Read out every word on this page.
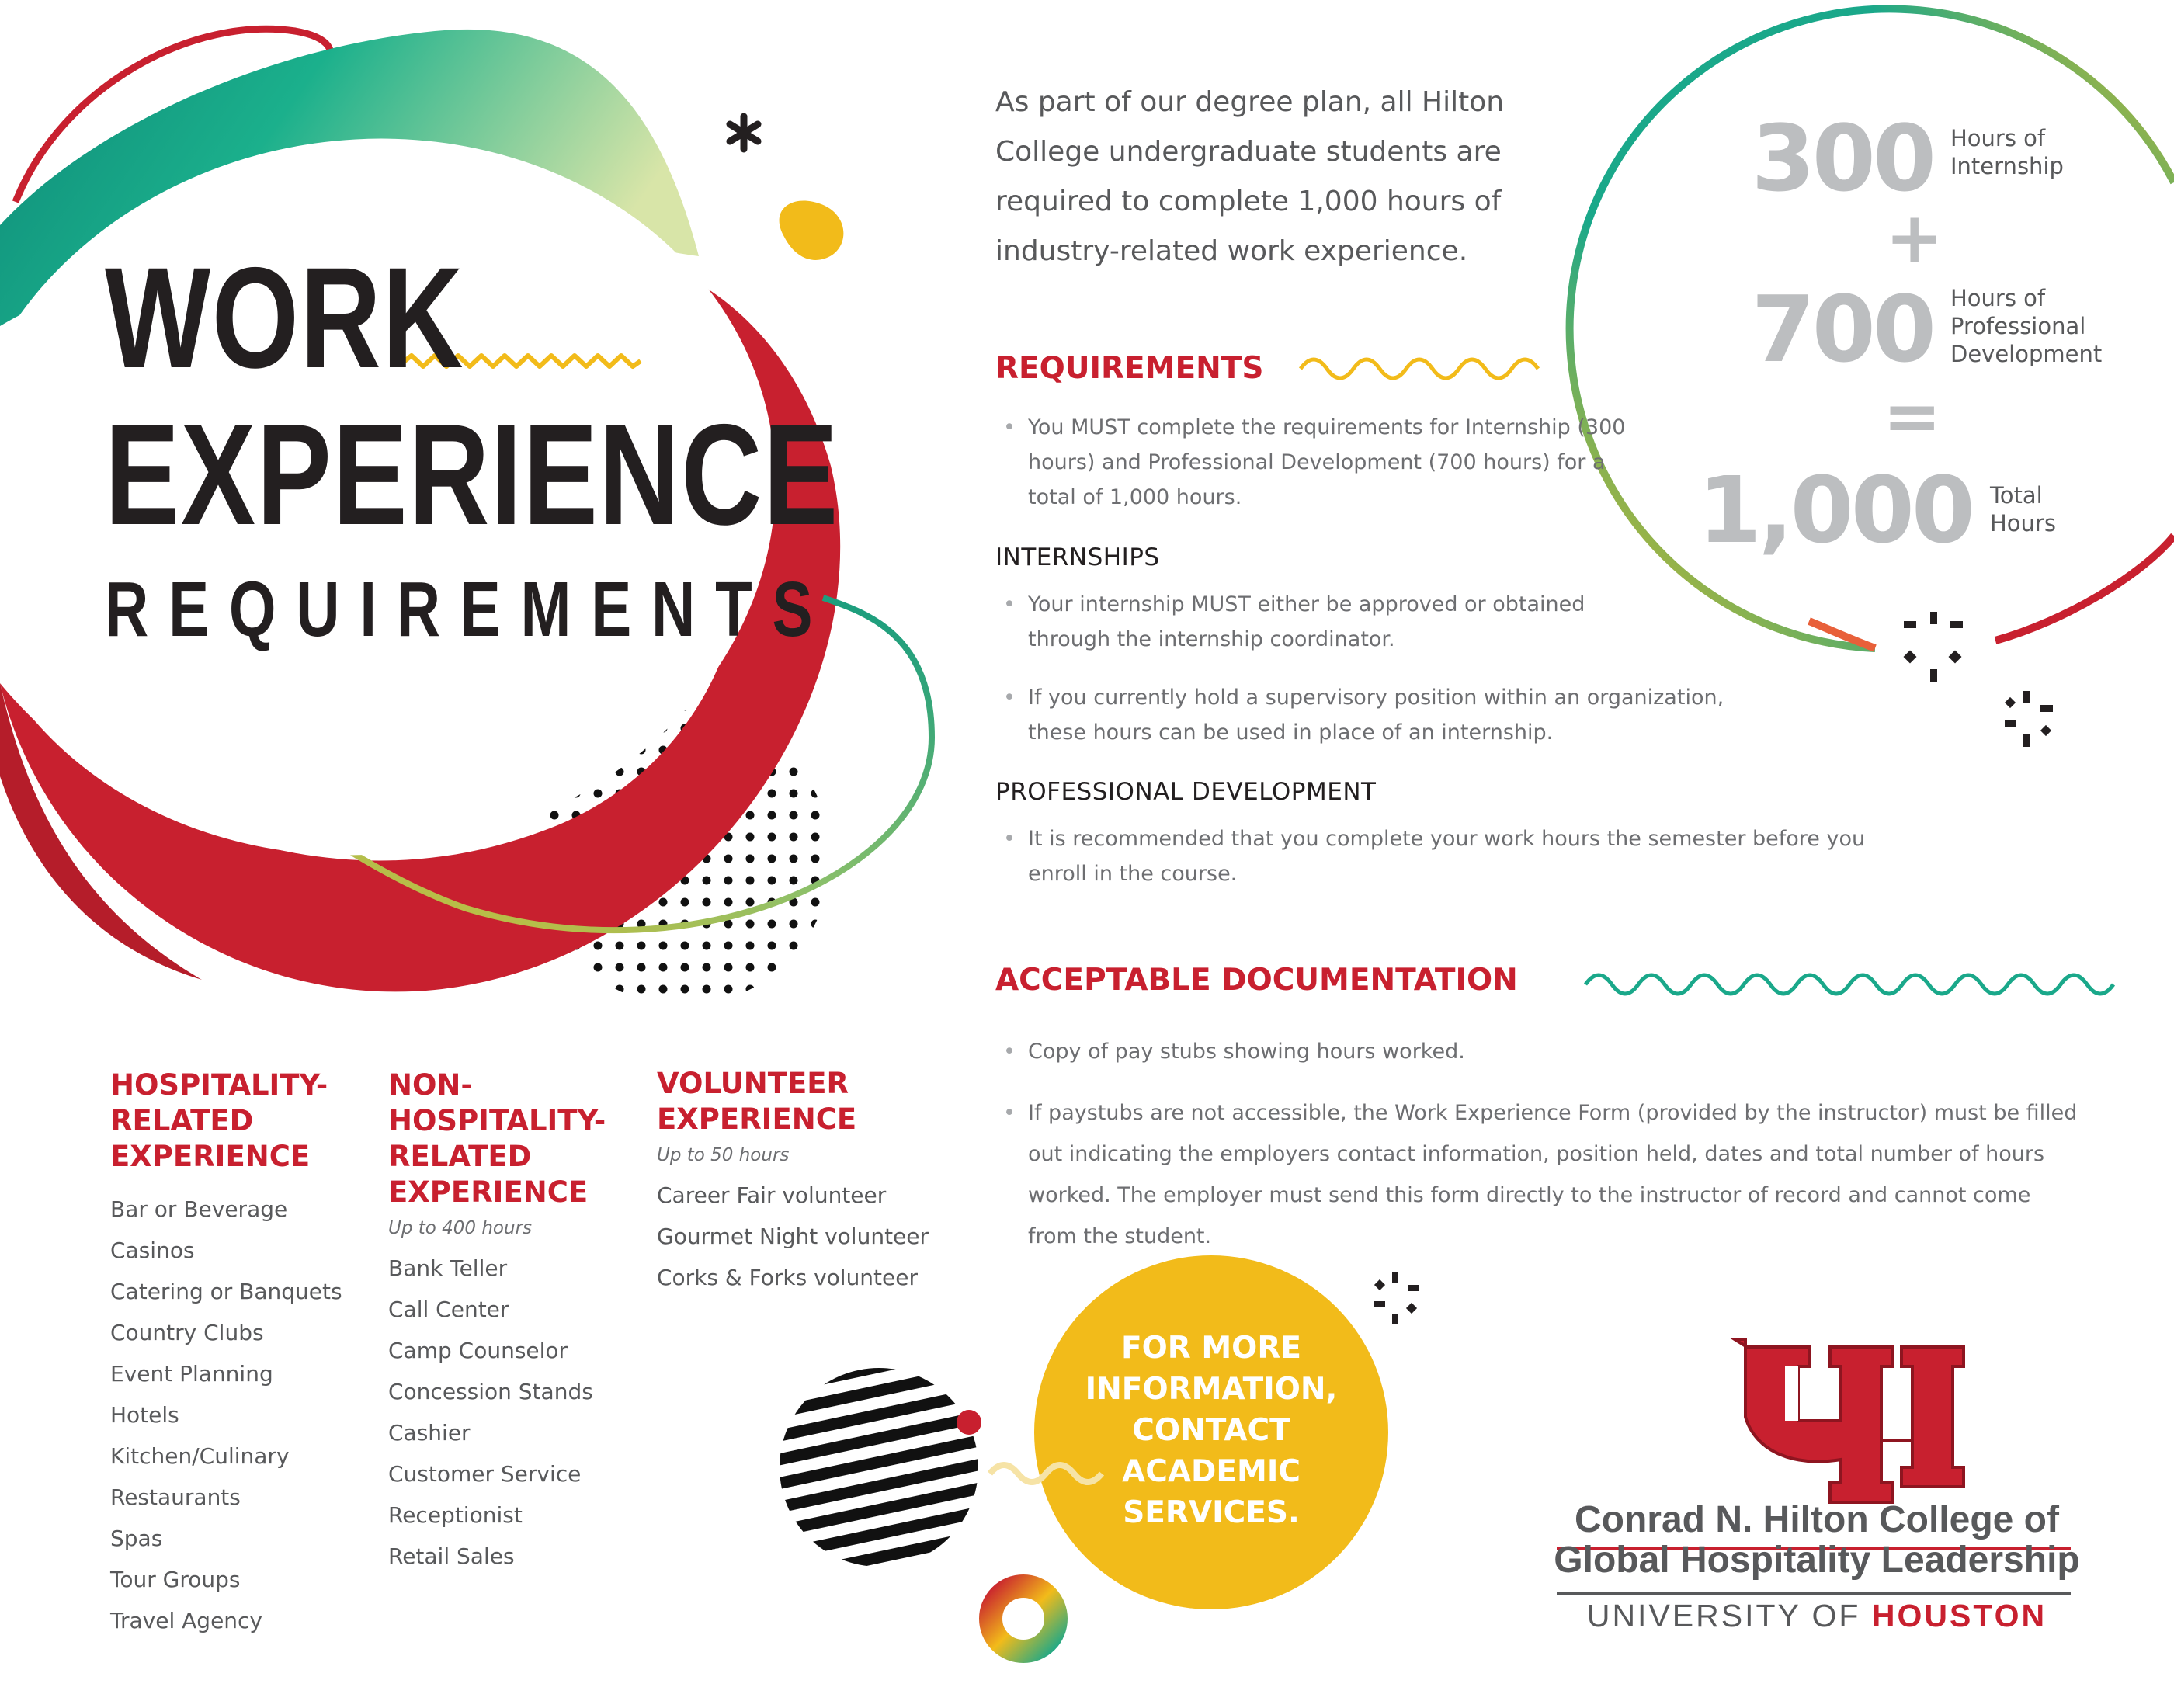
WORK
EXPERIENCE
REQUIREMENTS
As part of our degree plan, all Hilton College undergraduate students are required to complete 1,000 hours of industry-related work experience.
300 Hours of Internship
+
700 Hours of Professional Development
=
1,000 Total Hours
REQUIREMENTS
• You MUST complete the requirements for Internship (300 hours) and Professional Development (700 hours) for a total of 1,000 hours.
INTERNSHIPS
• Your internship MUST either be approved or obtained through the internship coordinator.
• If you currently hold a supervisory position within an organization, these hours can be used in place of an internship.
PROFESSIONAL DEVELOPMENT
• It is recommended that you complete your work hours the semester before you enroll in the course.
ACCEPTABLE DOCUMENTATION
• Copy of pay stubs showing hours worked.
• If paystubs are not accessible, the Work Experience Form (provided by the instructor) must be filled out indicating the employers contact information, position held, dates and total number of hours worked. The employer must send this form directly to the instructor of record and cannot come from the student.
HOSPITALITY-
RELATED
EXPERIENCE
Bar or Beverage
Casinos
Catering or Banquets
Country Clubs
Event Planning
Hotels
Kitchen/Culinary
Restaurants
Spas
Tour Groups
Travel Agency
NON-
HOSPITALITY-
RELATED
EXPERIENCE
Up to 400 hours
Bank Teller
Call Center
Camp Counselor
Concession Stands
Cashier
Customer Service
Receptionist
Retail Sales
VOLUNTEER
EXPERIENCE
Up to 50 hours
Career Fair volunteer
Gourmet Night volunteer
Corks & Forks volunteer
FOR MORE
INFORMATION,
CONTACT
ACADEMIC
SERVICES.	Conrad N. Hilton College of
Global Hospitality Leadership
UNIVERSITY OF HOUSTON
